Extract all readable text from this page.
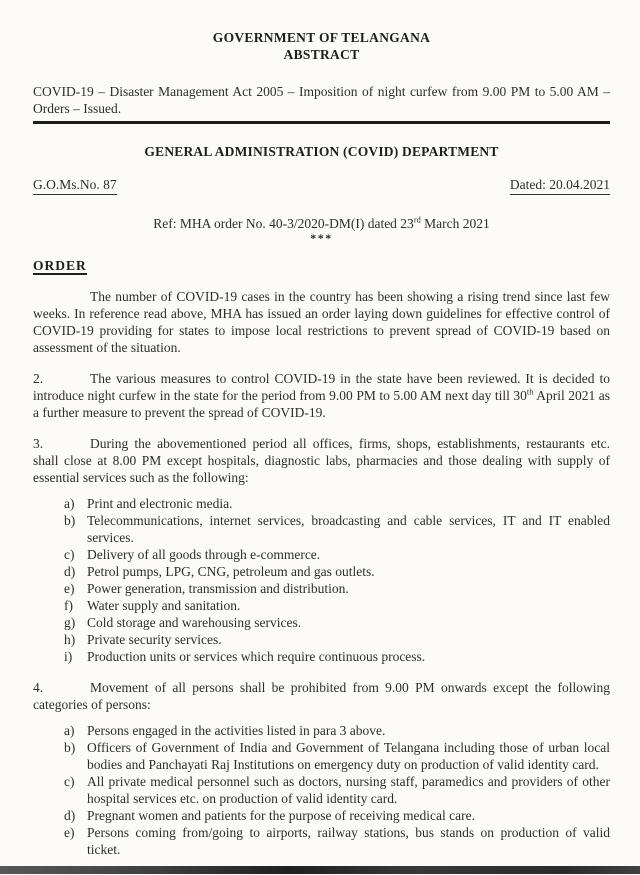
GOVERNMENT OF TELANGANA
ABSTRACT

COVID-19 – Disaster Management Act 2005 – Imposition of night curfew from 9.00 PM to 5.00 AM – Orders – Issued.

GENERAL ADMINISTRATION (COVID) DEPARTMENT
G.O.Ms.No. 87	Dated: 20.04.2021
Ref: MHA order No. 40-3/2020-DM(I) dated 23rd March 2021
***
ORDER

The number of COVID-19 cases in the country has been showing a rising trend since last few weeks. In reference read above, MHA has issued an order laying down guidelines for effective control of COVID-19 providing for states to impose local restrictions to prevent spread of COVID-19 based on assessment of the situation.

2.	The various measures to control COVID-19 in the state have been reviewed. It is decided to introduce night curfew in the state for the period from 9.00 PM to 5.00 AM next day till 30th April 2021 as a further measure to prevent the spread of COVID-19.

3.	During the abovementioned period all offices, firms, shops, establishments, restaurants etc. shall close at 8.00 PM except hospitals, diagnostic labs, pharmacies and those dealing with supply of essential services such as the following:

a) Print and electronic media.
b) Telecommunications, internet services, broadcasting and cable services, IT and IT enabled services.
c) Delivery of all goods through e-commerce.
d) Petrol pumps, LPG, CNG, petroleum and gas outlets.
e) Power generation, transmission and distribution.
f)	Water supply and sanitation.
g) Cold storage and warehousing services.
h) Private security services.
i)	Production units or services which require continuous process.

4.	Movement of all persons shall be prohibited from 9.00 PM onwards except the following categories of persons:

a) Persons engaged in the activities listed in para 3 above.
b) Officers of Government of India and Government of Telangana including those of urban local bodies and Panchayati Raj Institutions on emergency duty on production of valid identity card.
c) All private medical personnel such as doctors, nursing staff, paramedics and providers of other hospital services etc. on production of valid identity card.
d) Pregnant women and patients for the purpose of receiving medical care.
e) Persons coming from/going to airports, railway stations, bus stands on production of valid ticket.
